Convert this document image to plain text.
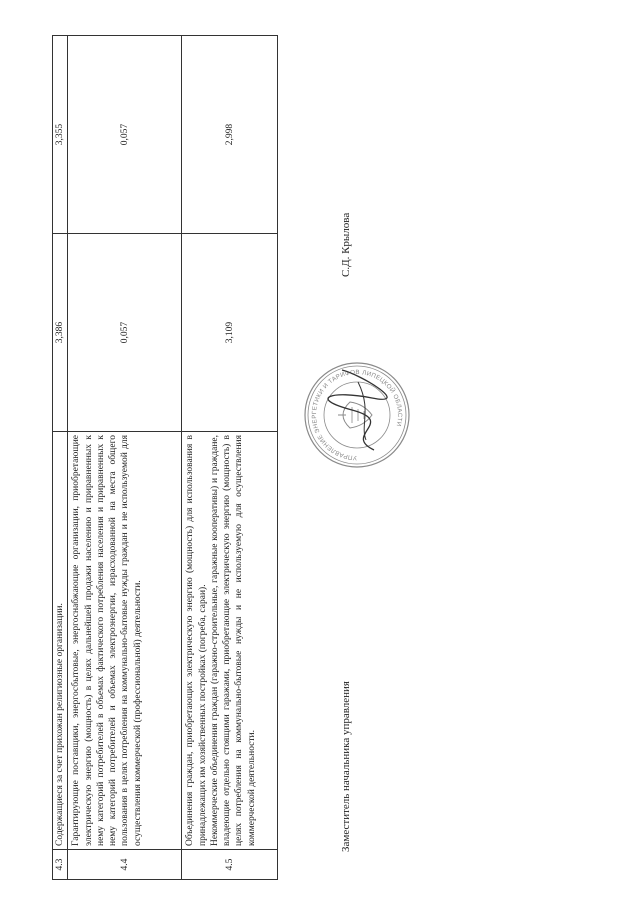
4.3	Содержащиеся за счет прихожан религиозные организации.	3,386	3,355
4.4	Гарантирующие поставщики, энергосбытовые, энергоснабжающие организации, приобретающие электрическую энергию (мощность) в целях дальнейшей продажи населению и приравненных к нему категорий потребителей в объемах фактического потребления населения и приравненных к нему категорий потребителей и объемах электроэнергии, израсходованной на места общего пользования в целях потребления на коммунально-бытовые нужды граждан и не используемой для осуществления коммерческой (профессиональной) деятельности.	0,057	0,057
4.5	Объединения граждан, приобретающих электрическую энергию (мощность) для использования в принадлежащих им хозяйственных постройках (погреба, сараи). Некоммерческие объединения граждан (гаражно-строительные, гаражные кооперативы) и граждане, владеющие отдельно стоящими гаражами, приобретающие электрическую энергию (мощность) в целях потребления на коммунально-бытовые нужды и не используемую для осуществления коммерческой деятельности.	3,109	2,998
Заместитель начальника управления
С.Д. Крылова
УПРАВЛЕНИЕ ЭНЕРГЕТИКИ И ТАРИФОВ ЛИПЕЦКОЙ ОБЛАСТИ
